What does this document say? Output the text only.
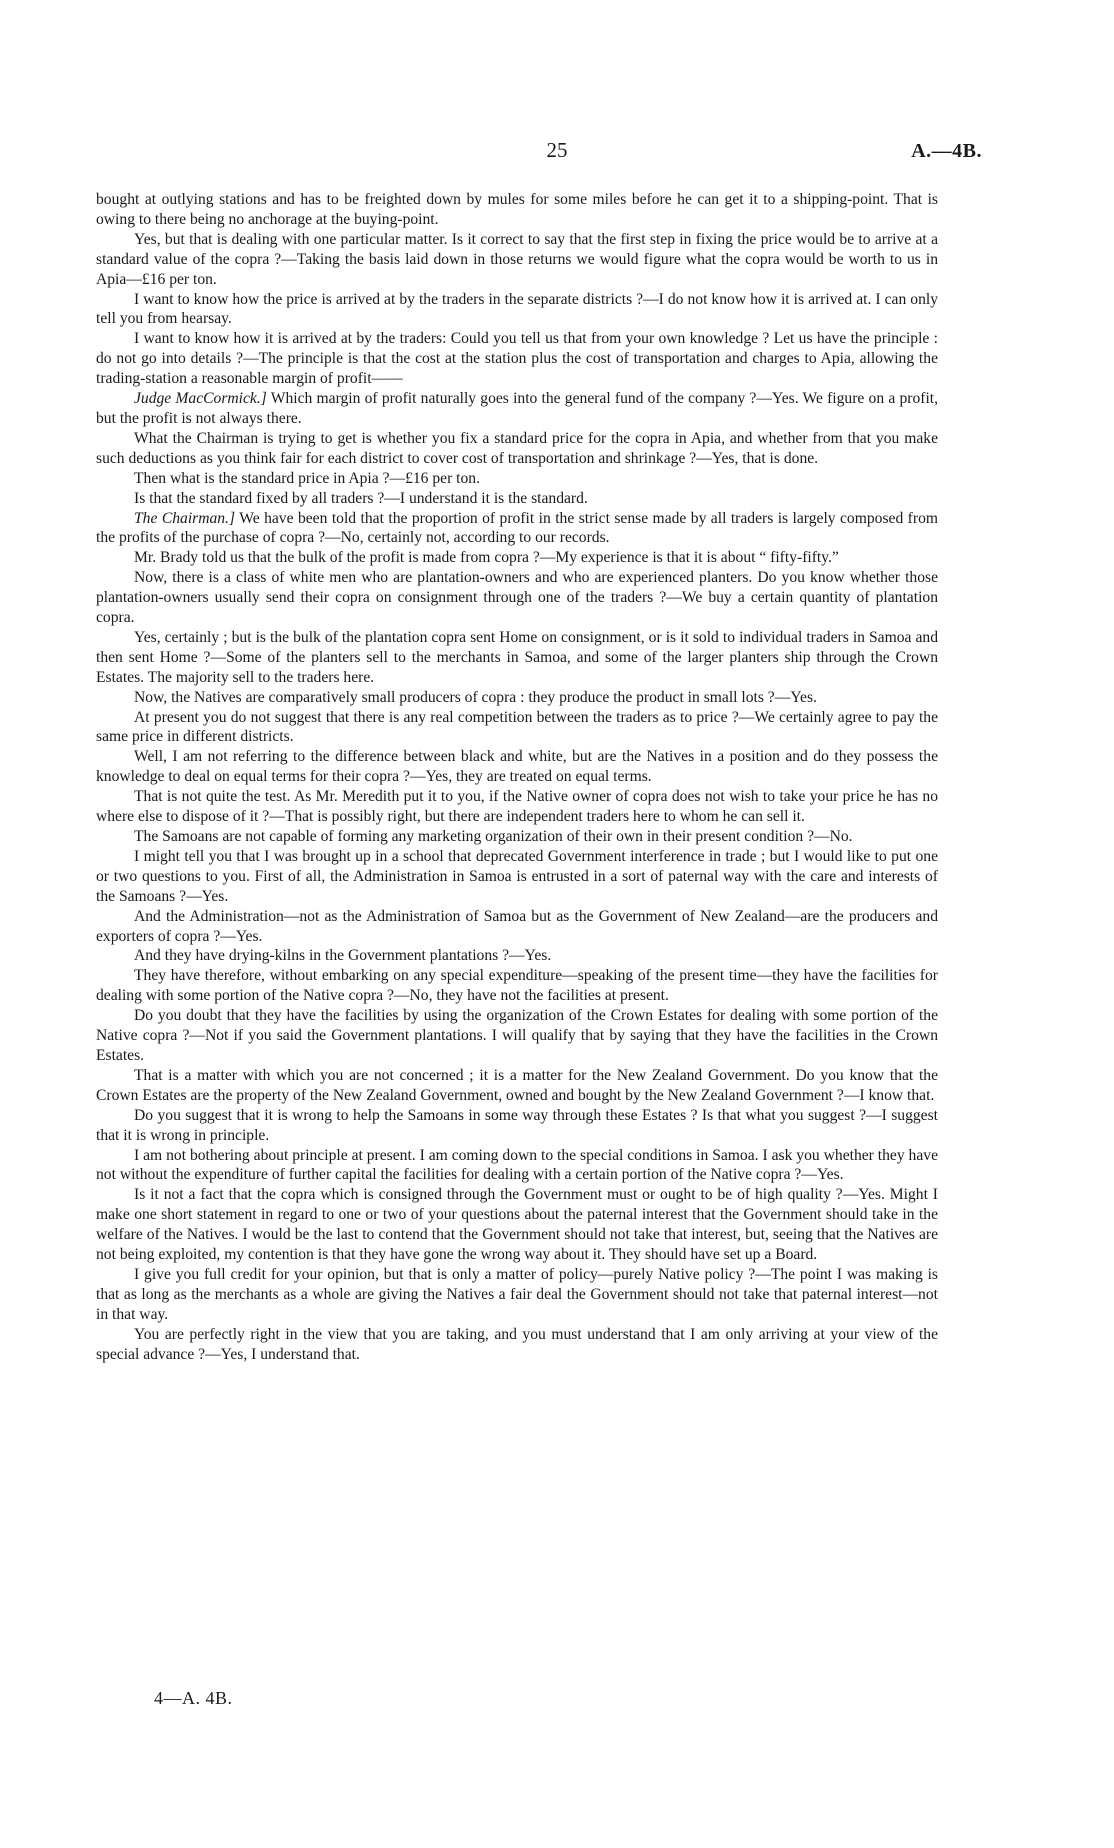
25	A.—4B.

bought at outlying stations and has to be freighted down by mules for some miles before he can get it to a shipping-point. That is owing to there being no anchorage at the buying-point.

Yes, but that is dealing with one particular matter. Is it correct to say that the first step in fixing the price would be to arrive at a standard value of the copra ?—Taking the basis laid down in those returns we would figure what the copra would be worth to us in Apia—£16 per ton.

I want to know how the price is arrived at by the traders in the separate districts ?—I do not know how it is arrived at. I can only tell you from hearsay.

I want to know how it is arrived at by the traders: Could you tell us that from your own knowledge ? Let us have the principle : do not go into details ?—The principle is that the cost at the station plus the cost of transportation and charges to Apia, allowing the trading-station a reasonable margin of profit——

Judge MacCormick.] Which margin of profit naturally goes into the general fund of the company ?—Yes. We figure on a profit, but the profit is not always there.

What the Chairman is trying to get is whether you fix a standard price for the copra in Apia, and whether from that you make such deductions as you think fair for each district to cover cost of transportation and shrinkage ?—Yes, that is done.

Then what is the standard price in Apia ?—£16 per ton.

Is that the standard fixed by all traders ?—I understand it is the standard.

The Chairman.] We have been told that the proportion of profit in the strict sense made by all traders is largely composed from the profits of the purchase of copra ?—No, certainly not, according to our records.

Mr. Brady told us that the bulk of the profit is made from copra ?—My experience is that it is about “ fifty-fifty.”

Now, there is a class of white men who are plantation-owners and who are experienced planters. Do you know whether those plantation-owners usually send their copra on consignment through one of the traders ?—We buy a certain quantity of plantation copra.

Yes, certainly ; but is the bulk of the plantation copra sent Home on consignment, or is it sold to individual traders in Samoa and then sent Home ?—Some of the planters sell to the merchants in Samoa, and some of the larger planters ship through the Crown Estates. The majority sell to the traders here.

Now, the Natives are comparatively small producers of copra : they produce the product in small lots ?—Yes.

At present you do not suggest that there is any real competition between the traders as to price ?—We certainly agree to pay the same price in different districts.

Well, I am not referring to the difference between black and white, but are the Natives in a position and do they possess the knowledge to deal on equal terms for their copra ?—Yes, they are treated on equal terms.

That is not quite the test. As Mr. Meredith put it to you, if the Native owner of copra does not wish to take your price he has no where else to dispose of it ?—That is possibly right, but there are independent traders here to whom he can sell it.

The Samoans are not capable of forming any marketing organization of their own in their present condition ?—No.

I might tell you that I was brought up in a school that deprecated Government interference in trade ; but I would like to put one or two questions to you. First of all, the Administration in Samoa is entrusted in a sort of paternal way with the care and interests of the Samoans ?—Yes.

And the Administration—not as the Administration of Samoa but as the Government of New Zealand—are the producers and exporters of copra ?—Yes.

And they have drying-kilns in the Government plantations ?—Yes.

They have therefore, without embarking on any special expenditure—speaking of the present time—they have the facilities for dealing with some portion of the Native copra ?—No, they have not the facilities at present.

Do you doubt that they have the facilities by using the organization of the Crown Estates for dealing with some portion of the Native copra ?—Not if you said the Government plantations. I will qualify that by saying that they have the facilities in the Crown Estates.

That is a matter with which you are not concerned ; it is a matter for the New Zealand Government. Do you know that the Crown Estates are the property of the New Zealand Government, owned and bought by the New Zealand Government ?—I know that.

Do you suggest that it is wrong to help the Samoans in some way through these Estates ? Is that what you suggest ?—I suggest that it is wrong in principle.

I am not bothering about principle at present. I am coming down to the special conditions in Samoa. I ask you whether they have not without the expenditure of further capital the facilities for dealing with a certain portion of the Native copra ?—Yes.

Is it not a fact that the copra which is consigned through the Government must or ought to be of high quality ?—Yes. Might I make one short statement in regard to one or two of your questions about the paternal interest that the Government should take in the welfare of the Natives. I would be the last to contend that the Government should not take that interest, but, seeing that the Natives are not being exploited, my contention is that they have gone the wrong way about it. They should have set up a Board.

I give you full credit for your opinion, but that is only a matter of policy—purely Native policy ?—The point I was making is that as long as the merchants as a whole are giving the Natives a fair deal the Government should not take that paternal interest—not in that way.

You are perfectly right in the view that you are taking, and you must understand that I am only arriving at your view of the special advance ?—Yes, I understand that.

4—A. 4B.
